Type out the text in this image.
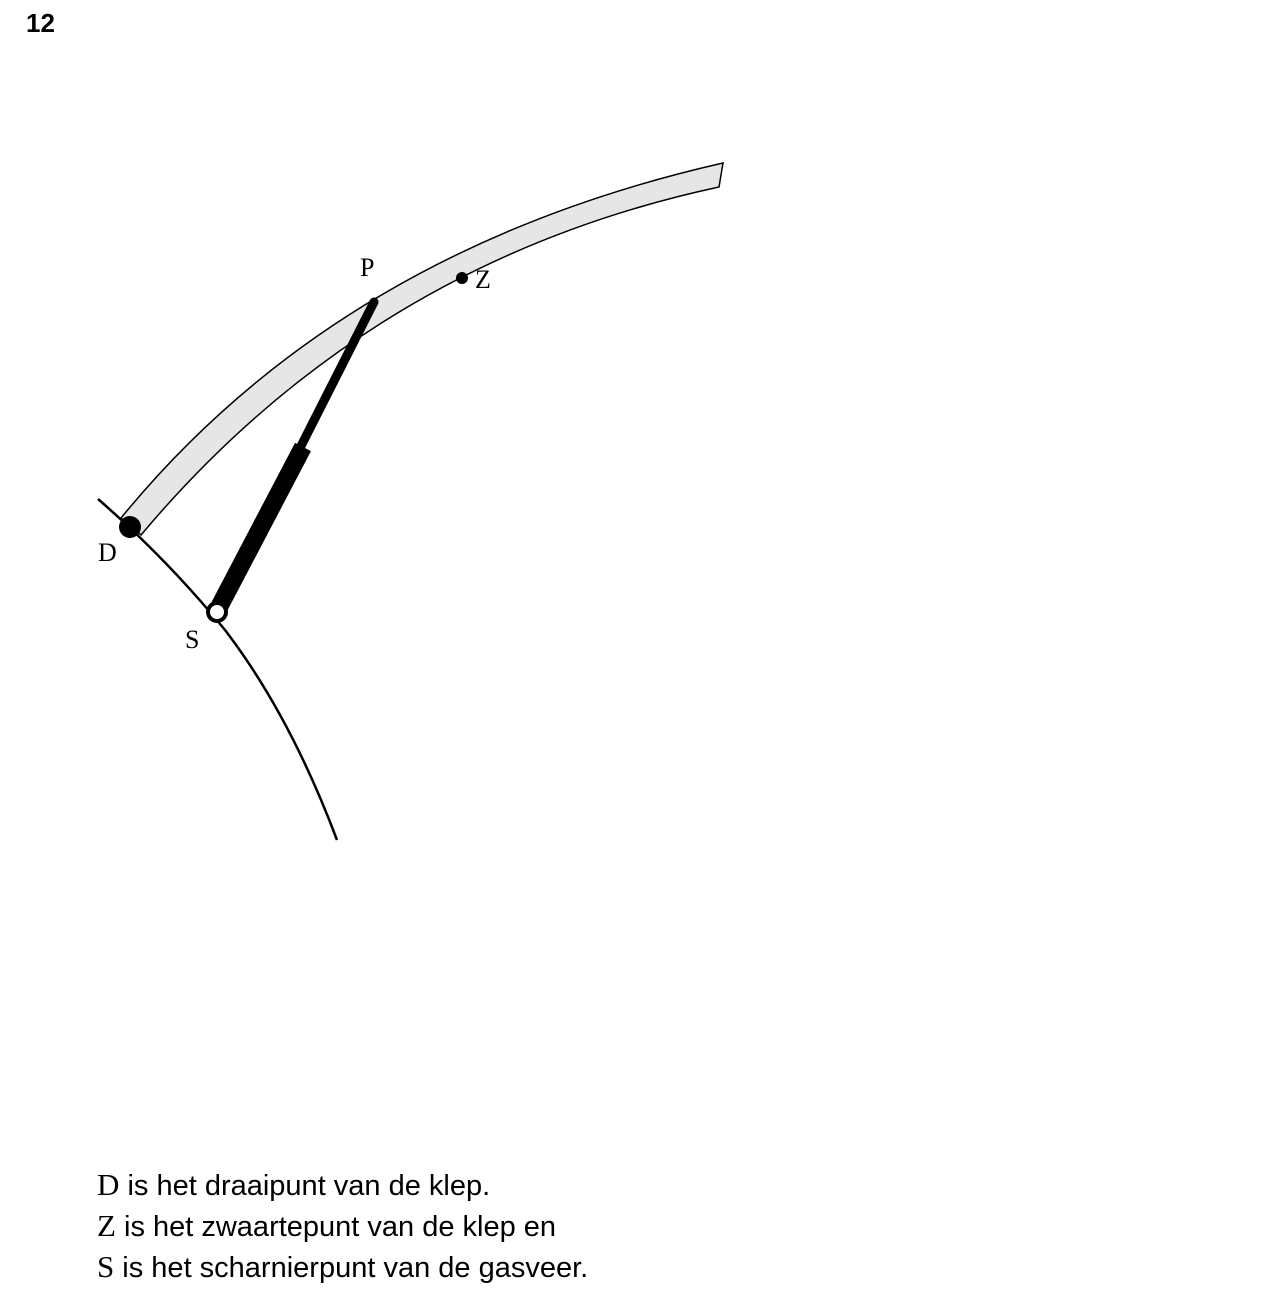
12
P	Z
D
S
D is het draaipunt van de klep.
Z is het zwaartepunt van de klep en
S is het scharnierpunt van de gasveer.
